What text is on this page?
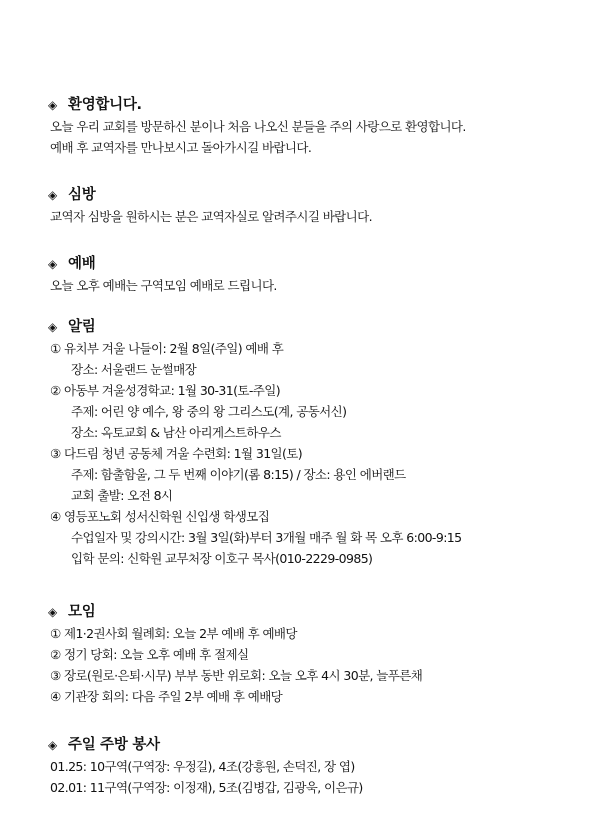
◈ 환영합니다.
오늘 우리 교회를 방문하신 분이나 처음 나오신 분들을 주의 사랑으로 환영합니다.
예배 후 교역자를 만나보시고 돌아가시길 바랍니다.
◈ 심방
교역자 심방을 원하시는 분은 교역자실로 알려주시길 바랍니다.
◈ 예배
오늘 오후 예배는 구역모임 예배로 드립니다.
◈ 알림
① 유치부 겨울 나들이: 2월 8일(주일) 예배 후
장소: 서울랜드 눈썰매장
② 아동부 겨울성경학교: 1월 30-31(토-주일)
주제: 어린 양 예수, 왕 중의 왕 그리스도(계, 공동서신)
장소: 옥토교회 & 남산 아리게스트하우스
③ 다드림 청년 공동체 겨울 수련회: 1월 31일(토)
주제: 함출함울, 그 두 번째 이야기(롬 8:15) / 장소: 용인 에버랜드
교회 출발: 오전 8시
④ 영등포노회 성서신학원 신입생 학생모집
수업일자 및 강의시간: 3월 3일(화)부터 3개월 매주 월 화 목 오후 6:00-9:15
입학 문의: 신학원 교무처장 이호구 목사(010-2229-0985)
◈ 모임
① 제1·2권사회 월례회: 오늘 2부 예배 후 예배당
② 정기 당회: 오늘 오후 예배 후 절제실
③ 장로(원로·은퇴·시무) 부부 동반 위로회: 오늘 오후 4시 30분, 늘푸른채
④ 기관장 회의: 다음 주일 2부 예배 후 예배당
◈ 주일 주방 봉사
01.25: 10구역(구역장: 우정길), 4조(강흥원, 손덕진, 장 엽)
02.01: 11구역(구역장: 이정재), 5조(김병갑, 김광욱, 이은규)
